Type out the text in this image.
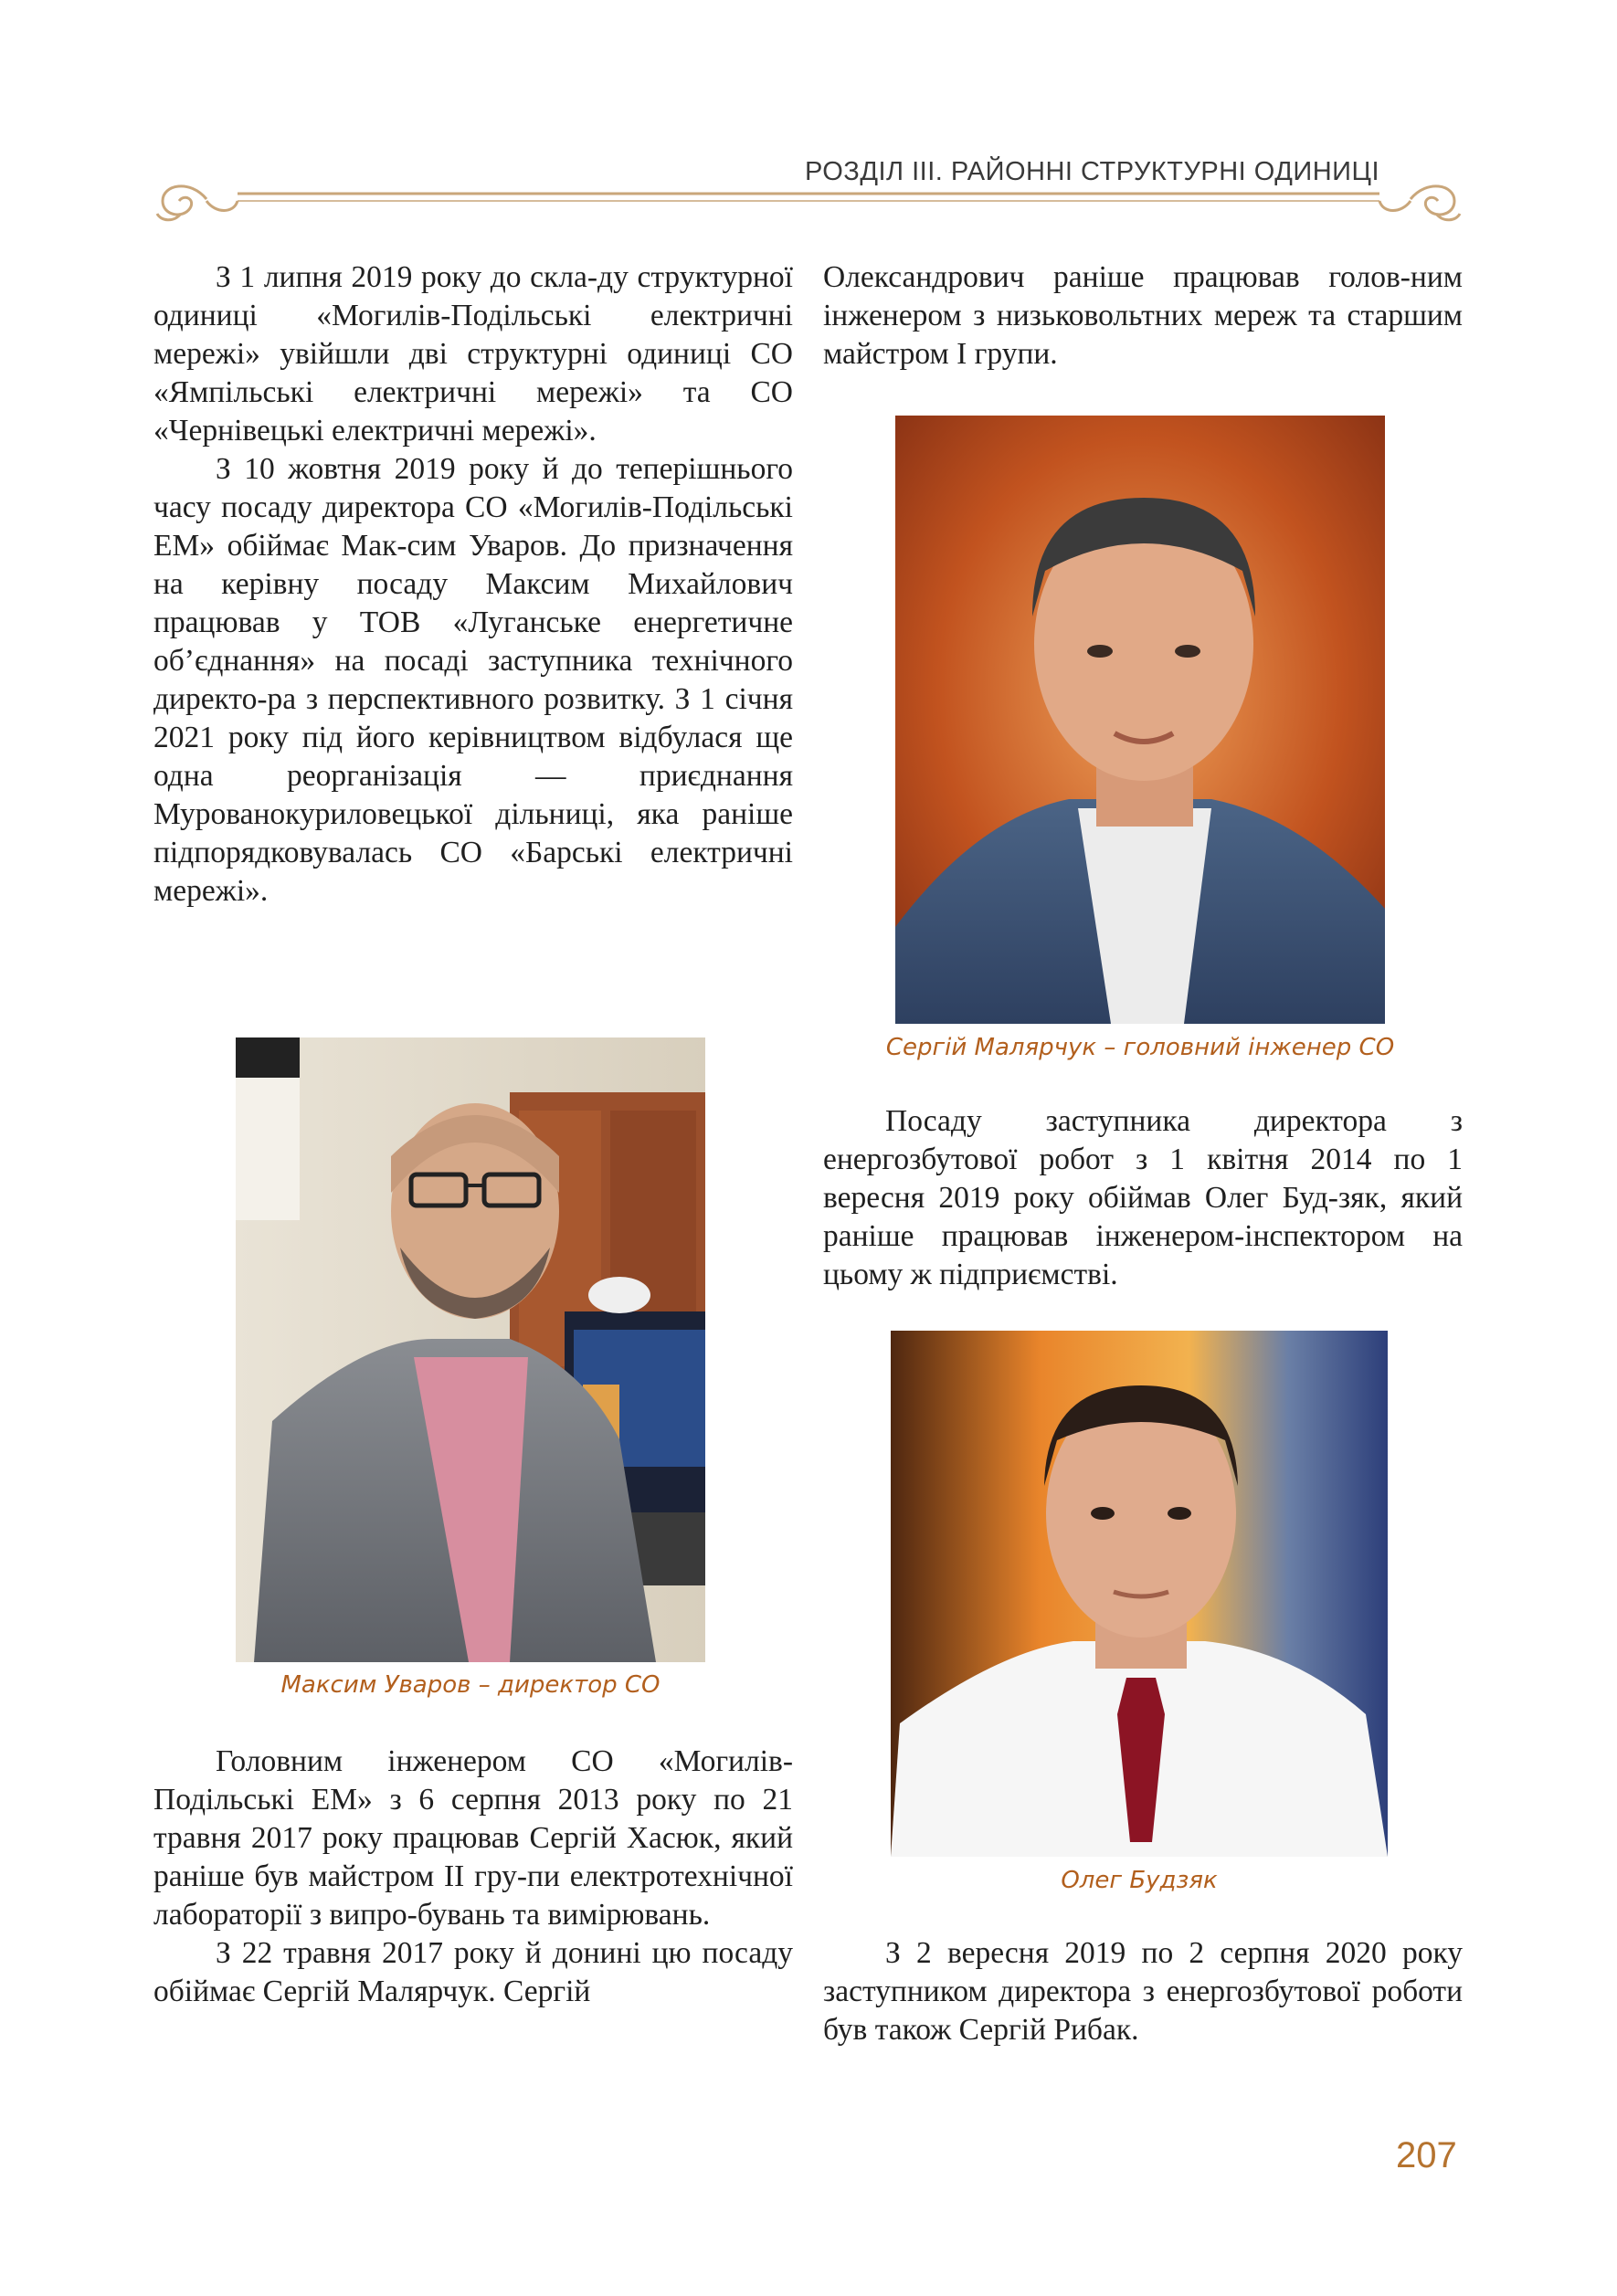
РОЗДІЛ ІІІ. РАЙОННІ СТРУКТУРНІ ОДИНИЦІ

З 1 липня 2019 року до скла-ду структурної одиниці «Могилів-Подільські електричні мережі» увійшли дві структурні одиниці СО «Ямпільські електричні мережі» та СО «Чернівецькі електричні мережі».

З 10 жовтня 2019 року й до теперішнього часу посаду директора СО «Могилів-Подільські ЕМ» обіймає Мак-сим Уваров. До призначення на керівну посаду Максим Михайлович працював у ТОВ «Луганське енергетичне об’єднання» на посаді заступника технічного директо-ра з перспективного розвитку. З 1 січня 2021 року під його керівництвом відбулася ще одна реорганізація — приєднання Мурованокуриловецької дільниці, яка раніше підпорядковувалась СО «Барські електричні мережі».

Максим Уваров – директор СО

Головним інженером СО «Могилів-Подільські ЕМ» з 6 серпня 2013 року по 21 травня 2017 року працював Сергій Хасюк, який раніше був майстром ІІ гру-пи електротехнічної лабораторії з випро-бувань та вимірювань.

З 22 травня 2017 року й донині цю посаду обіймає Сергій Малярчук. Сергій

Олександрович раніше працював голов-ним інженером з низьковольтних мереж та старшим майстром І групи.

Сергій Малярчук – головний інженер СО

Посаду заступника директора з енергозбутової робот з 1 квітня 2014 по 1 вересня 2019 року обіймав Олег Буд-зяк, який раніше працював інженером-інспектором на цьому ж підприємстві.

Олег Будзяк

З 2 вересня 2019 по 2 серпня 2020 року заступником директора з енергозбутової роботи був також Сергій Рибак.

207
